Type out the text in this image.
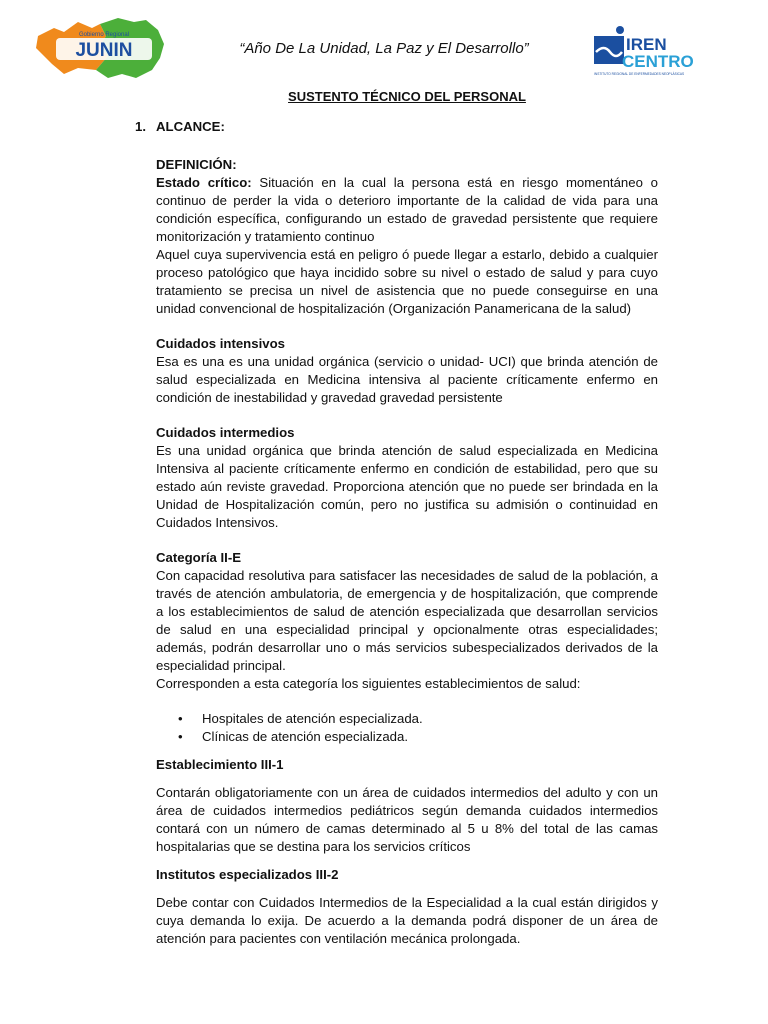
JUNIN
Gobierno Regional
“Año De La Unidad, La Paz y El Desarrollo”	IREN
CENTRO
INSTITUTO REGIONAL DE ENFERMEDADES NEOPLÁSICAS
SUSTENTO TÉCNICO DEL PERSONAL
1. ALCANCE:
DEFINICIÓN:

Estado crítico: Situación en la cual la persona está en riesgo momentáneo o continuo de perder la vida o deterioro importante de la calidad de vida para una condición específica, configurando un estado de gravedad persistente que requiere monitorización y tratamiento continuo

Aquel cuya supervivencia está en peligro ó puede llegar a estarlo, debido a cualquier proceso patológico que haya incidido sobre su nivel o estado de salud y para cuyo tratamiento se precisa un nivel de asistencia que no puede conseguirse en una unidad convencional de hospitalización (Organización Panamericana de la salud)

Cuidados intensivos

Esa es una es una unidad orgánica (servicio o unidad- UCI) que brinda atención de salud especializada en Medicina intensiva al paciente críticamente enfermo en condición de inestabilidad y gravedad gravedad persistente

Cuidados intermedios

Es una unidad orgánica que brinda atención de salud especializada en Medicina Intensiva al paciente críticamente enfermo en condición de estabilidad, pero que su estado aún reviste gravedad. Proporciona atención que no puede ser brindada en la Unidad de Hospitalización común, pero no justifica su admisión o continuidad en Cuidados Intensivos.

Categoría II-E

Con capacidad resolutiva para satisfacer las necesidades de salud de la población, a través de atención ambulatoria, de emergencia y de hospitalización, que comprende a los establecimientos de salud de atención especializada que desarrollan servicios de salud en una especialidad principal y opcionalmente otras especialidades; además, podrán desarrollar uno o más servicios subespecializados derivados de la especialidad principal.

Corresponden a esta categoría los siguientes establecimientos de salud:

• Hospitales de atención especializada.
• Clínicas de atención especializada.
Establecimiento III-1

Contarán obligatoriamente con un área de cuidados intermedios del adulto y con un área de cuidados intermedios pediátricos según demanda cuidados intermedios contará con un número de camas determinado al 5 u 8% del total de las camas hospitalarias que se destina para los servicios críticos

Institutos especializados III-2

Debe contar con Cuidados Intermedios de la Especialidad a la cual están dirigidos y cuya demanda lo exija. De acuerdo a la demanda podrá disponer de un área de atención para pacientes con ventilación mecánica prolongada.
